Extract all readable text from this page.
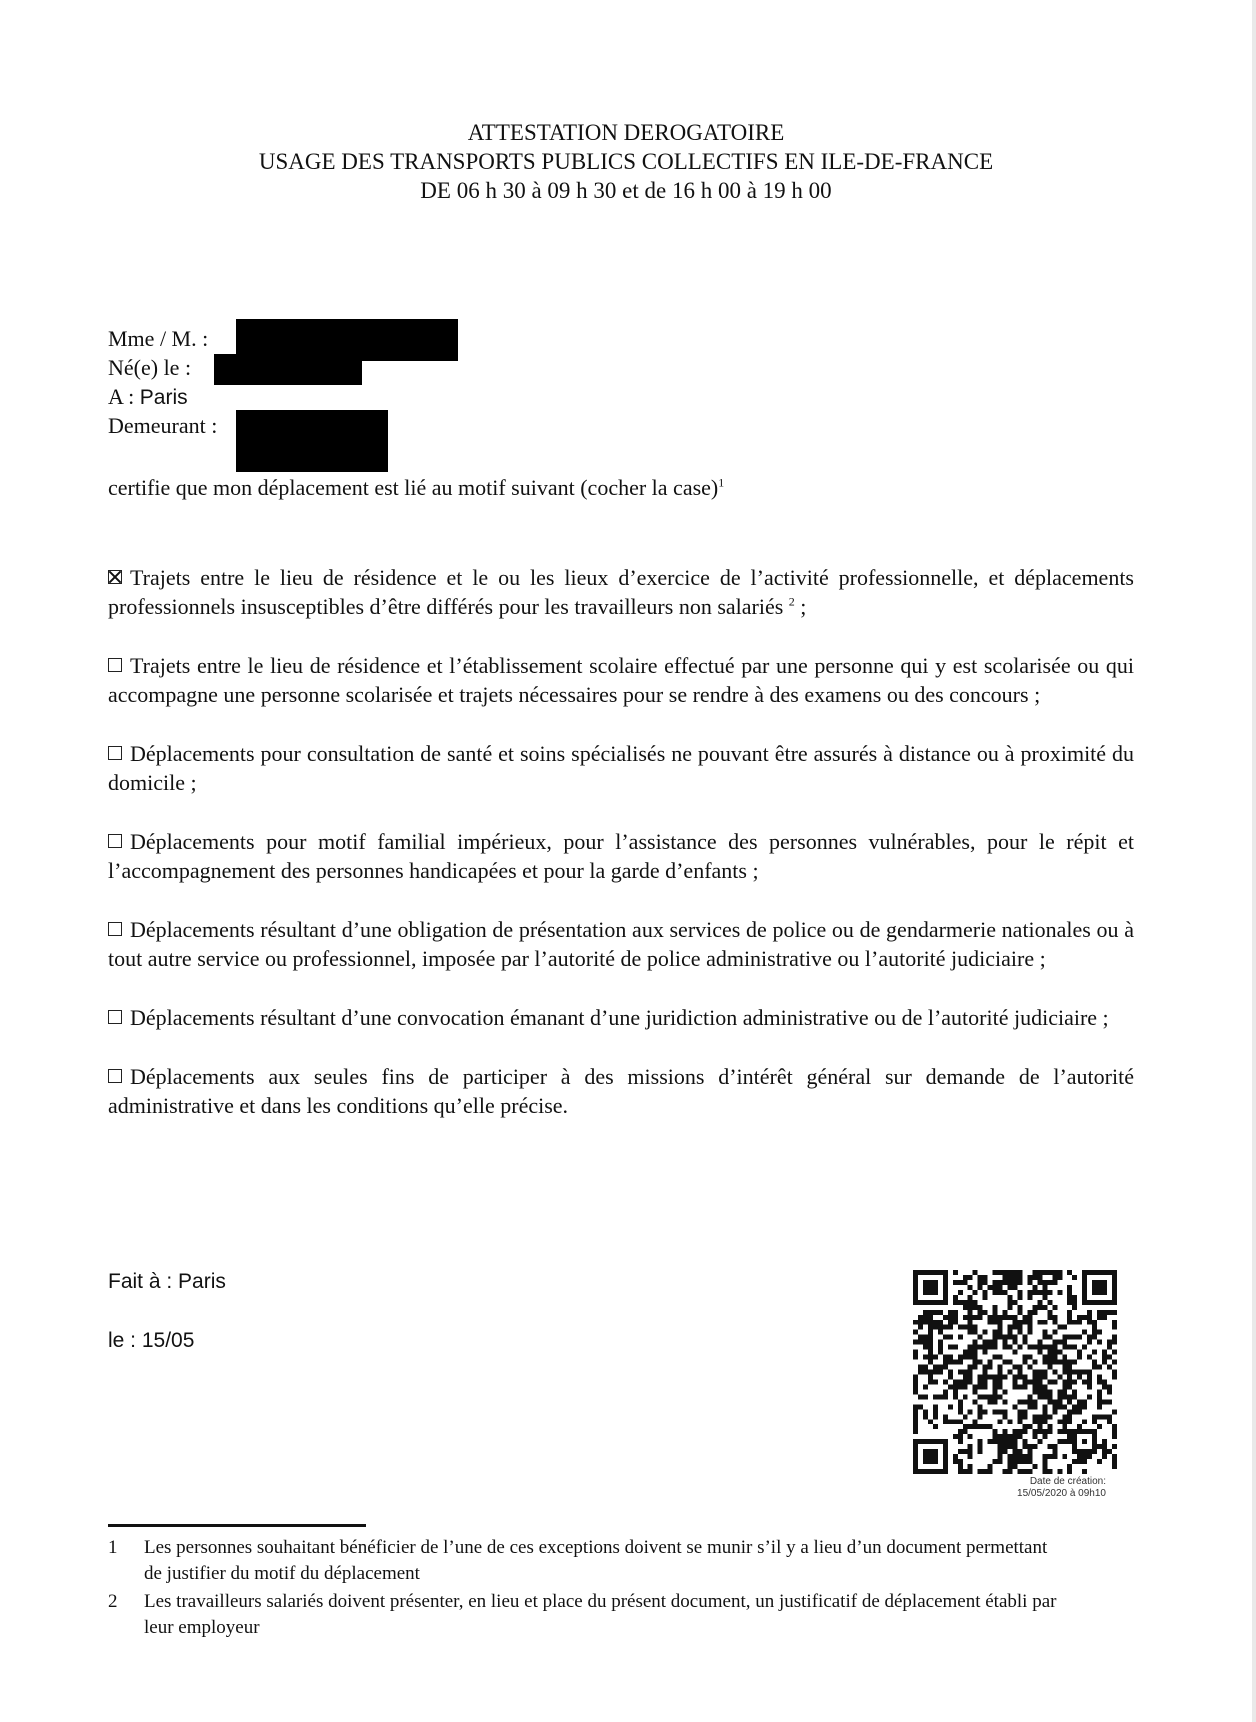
ATTESTATION DEROGATOIRE
USAGE DES TRANSPORTS PUBLICS COLLECTIFS EN ILE-DE-FRANCE
DE 06 h 30 à 09 h 30 et de 16 h 00 à 19 h 00
Mme / M. :
Né(e) le :
A : Paris
Demeurant :
certifie que mon déplacement est lié au motif suivant (cocher la case)$^1$
Trajets entre le lieu de résidence et le ou les lieux d’exercice de l’activité professionnelle, et déplacements professionnels insusceptibles d’être différés pour les travailleurs non salariés $^2$ ;
Trajets entre le lieu de résidence et l’établissement scolaire effectué par une personne qui y est scolarisée ou qui accompagne une personne scolarisée et trajets nécessaires pour se rendre à des examens ou des concours ;
Déplacements pour consultation de santé et soins spécialisés ne pouvant être assurés à distance ou à proximité du domicile ;
Déplacements pour motif familial impérieux, pour l’assistance des personnes vulnérables, pour le répit et l’accompagnement des personnes handicapées et pour la garde d’enfants ;
Déplacements résultant d’une obligation de présentation aux services de police ou de gendarmerie nationales ou à tout autre service ou professionnel, imposée par l’autorité de police administrative ou l’autorité judiciaire ;
Déplacements résultant d’une convocation émanant d’une juridiction administrative ou de l’autorité judiciaire ;
Déplacements aux seules fins de participer à des missions d’intérêt général sur demande de l’autorité administrative et dans les conditions qu’elle précise.
Fait à : Paris
le : 15/05
Date de création:
15/05/2020 à 09h10
1 Les personnes souhaitant bénéficier de l’une de ces exceptions doivent se munir s’il y a lieu d’un document permettant de justifier du motif du déplacement
2 Les travailleurs salariés doivent présenter, en lieu et place du présent document, un justificatif de déplacement établi par leur employeur
